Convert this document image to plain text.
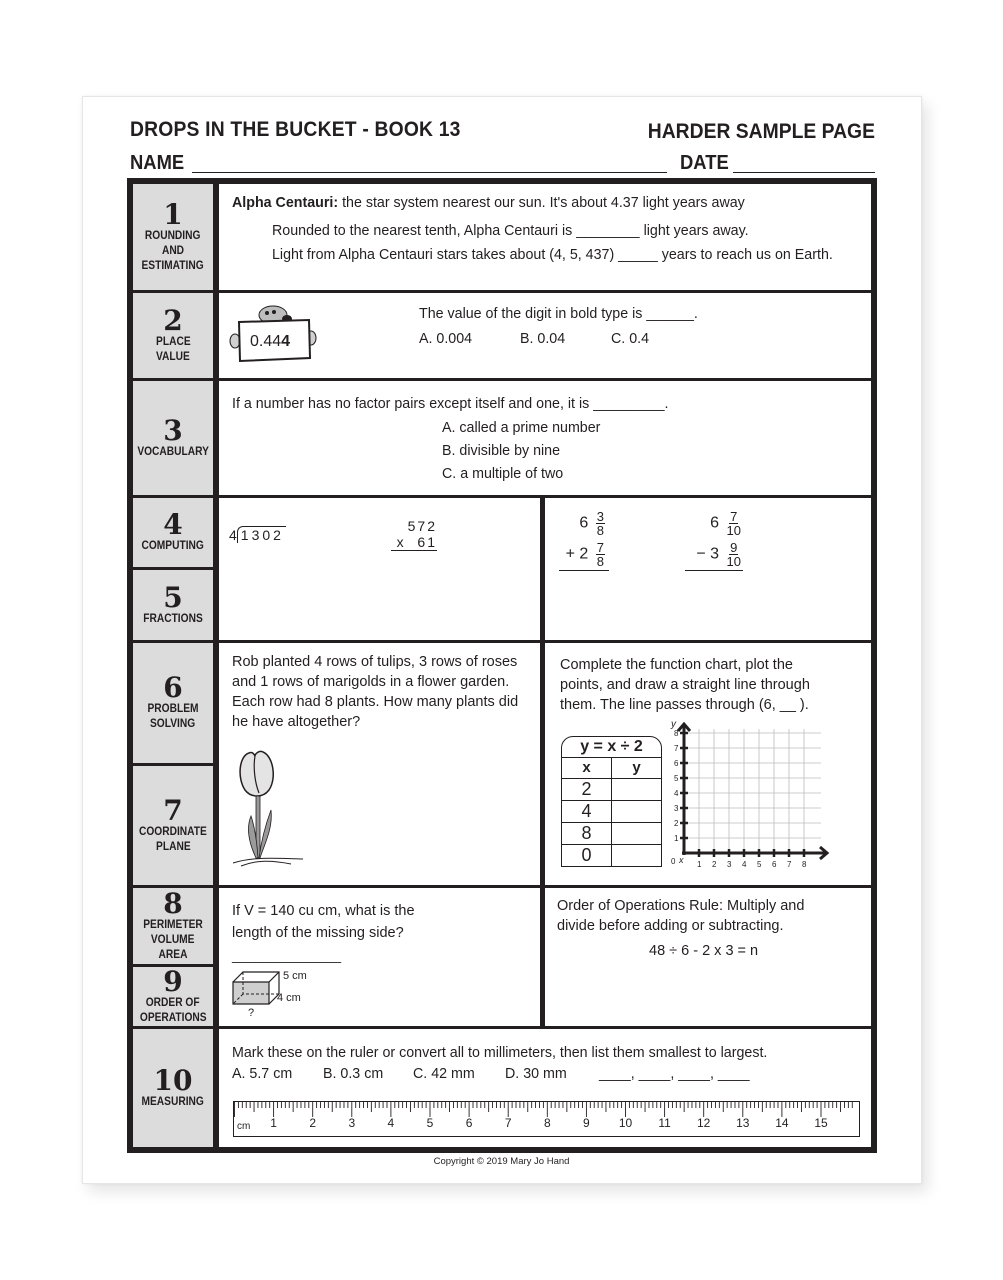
DROPS IN THE BUCKET - BOOK 13	HARDER SAMPLE PAGE
NAME	DATE
1
ROUNDING
AND
ESTIMATING
2
PLACE
VALUE
3
VOCABULARY
4
COMPUTING
5
FRACTIONS
6
PROBLEM
SOLVING
7
COORDINATE
PLANE
8
PERIMETER
VOLUME
AREA
9
ORDER OF
OPERATIONS
10
MEASURING
Alpha Centauri: the star system nearest our sun. It's about 4.37 light years away
Rounded to the nearest tenth, Alpha Centauri is ________ light years away.
Light from Alpha Centauri stars takes about (4, 5, 437) _____ years to reach us on Earth.
0.444
The value of the digit in bold type is ______.
A. 0.004	B. 0.04	C. 0.4
If a number has no factor pairs except itself and one, it is _________.
A. called a prime number
B. divisible by nine
C. a multiple of two
4 1302
572
x  61
$6 \frac{3}{8}$
+ $2 \frac{7}{8}$
$6 \frac{7}{10}$
− $3 \frac{9}{10}$
Rob planted 4 rows of tulips, 3 rows of roses
and 1 rows of marigolds in a flower garden.
Each row had 8 plants. How many plants did
he have altogether?
Complete the function chart, plot the
points, and draw a straight line through
them. The line passes through (6, __ ).
y = x ÷ 2
x	y
2
4
8
0
y
1
2
3
4
5
6
7
8
0 x 1 2 3 4 5 6 7 8
If V = 140 cu cm, what is the
length of the missing side?
______________
5 cm
4 cm
?
Order of Operations Rule: Multiply and
divide before adding or subtracting.
48 ÷ 6 - 2 x 3 = n
Mark these on the ruler or convert all to millimeters, then list them smallest to largest.
A. 5.7 cm B. 0.3 cm C. 42 mm D. 30 mm ____, ____, ____, ____
cm	1	2	3	4	5	6	7	8	9	10	11	12 13 14 15
Copyright © 2019 Mary Jo Hand
